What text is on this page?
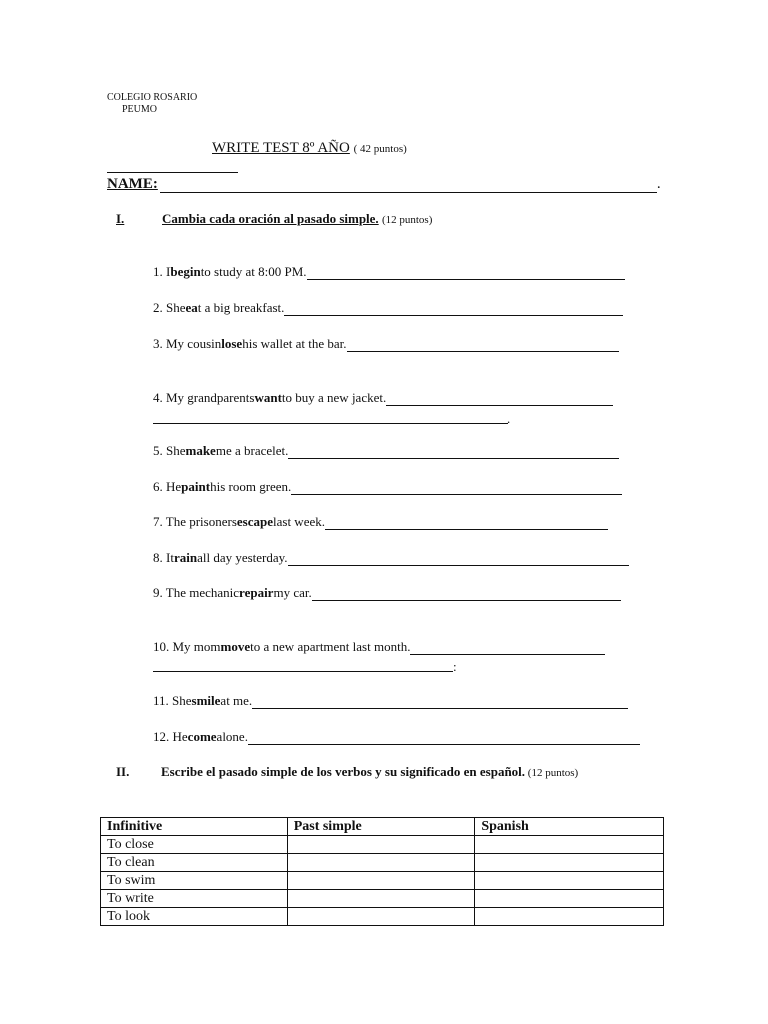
COLEGIO ROSARIO
PEUMO
WRITE TEST 8º AÑO ( 42 puntos)
NAME:	.
I.	Cambia cada oración al pasado simple. (12 puntos)
1. I begin to study at 8:00 PM.
2. She ea t a big breakfast.
3. My cousin lose his wallet at the bar.
4. My grandparents want to buy a new jacket.
.
5. She make me a bracelet.
6. He paint his room green.
7. The prisoners escape last week.
8. It rain all day yesterday.
9. The mechanic repair my car.
10. My mom move to a new apartment last month.
:
11. She smile at me.
12. He come alone.
II. Escribe el pasado simple de los verbos y su significado en español. (12 puntos)
Infinitive	Past simple	Spanish
To close		
To clean		
To swim		
To write		
To look		
